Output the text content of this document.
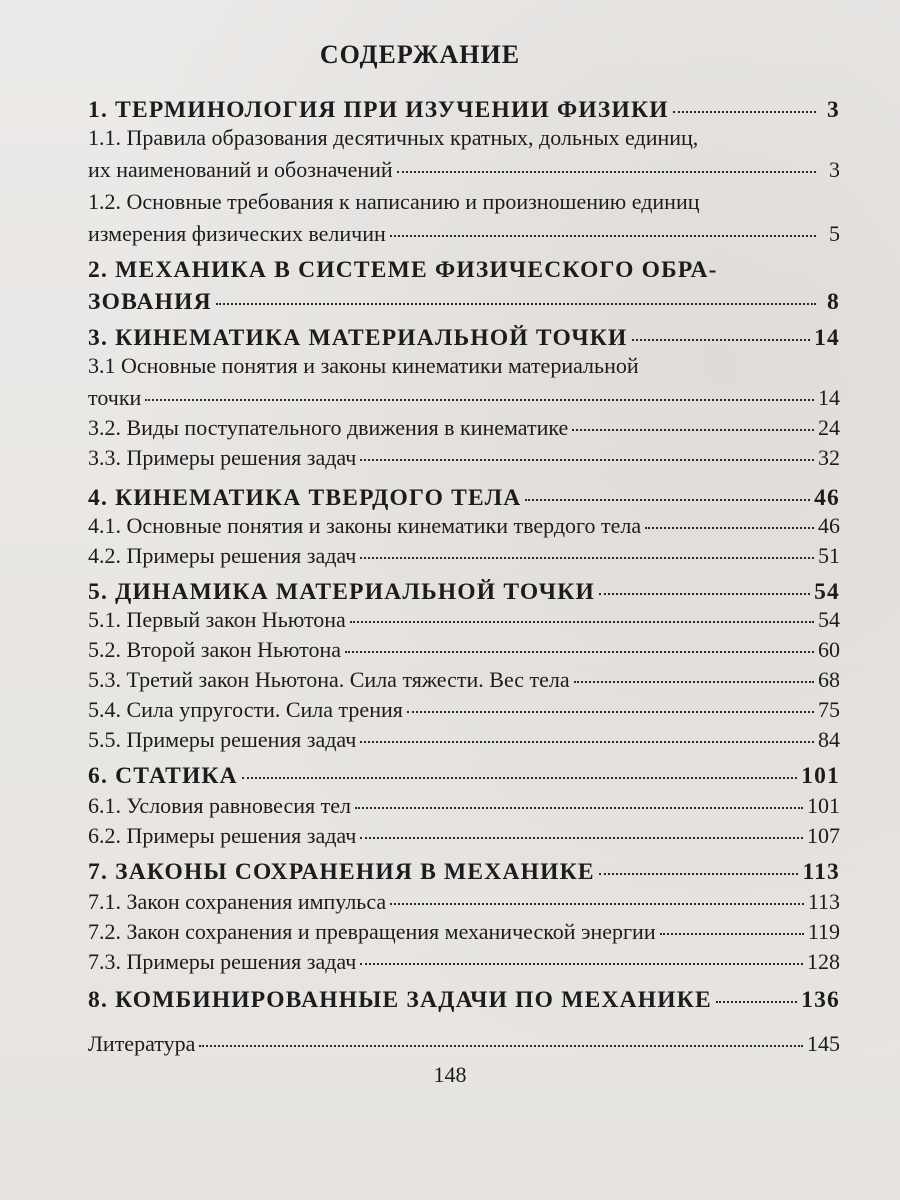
СОДЕРЖАНИЕ
1. ТЕРМИНОЛОГИЯ ПРИ ИЗУЧЕНИИ ФИЗИКИ	3
1.1. Правила образования десятичных кратных, дольных единиц,
их наименований и обозначений	3
1.2. Основные требования к написанию и произношению единиц
измерения физических величин	5
2. МЕХАНИКА В СИСТЕМЕ ФИЗИЧЕСКОГО ОБРА-
ЗОВАНИЯ	8
3. КИНЕМАТИКА МАТЕРИАЛЬНОЙ ТОЧКИ	14
3.1 Основные понятия и законы кинематики материальной
точки	14
3.2. Виды поступательного движения в кинематике	24
3.3. Примеры решения задач	32
4. КИНЕМАТИКА ТВЕРДОГО ТЕЛА	46
4.1. Основные понятия и законы кинематики твердого тела	46
4.2. Примеры решения задач	51
5. ДИНАМИКА МАТЕРИАЛЬНОЙ ТОЧКИ	54
5.1. Первый закон Ньютона	54
5.2. Второй закон Ньютона	60
5.3. Третий закон Ньютона. Сила тяжести. Вес тела	68
5.4. Сила упругости. Сила трения	75
5.5. Примеры решения задач	84
6. СТАТИКА	101
6.1. Условия равновесия тел	101
6.2. Примеры решения задач	107
7. ЗАКОНЫ СОХРАНЕНИЯ В МЕХАНИКЕ	113
7.1. Закон сохранения импульса	113
7.2. Закон сохранения и превращения механической энергии	119
7.3. Примеры решения задач	128
8. КОМБИНИРОВАННЫЕ ЗАДАЧИ ПО МЕХАНИКЕ	136
Литература	145
148
